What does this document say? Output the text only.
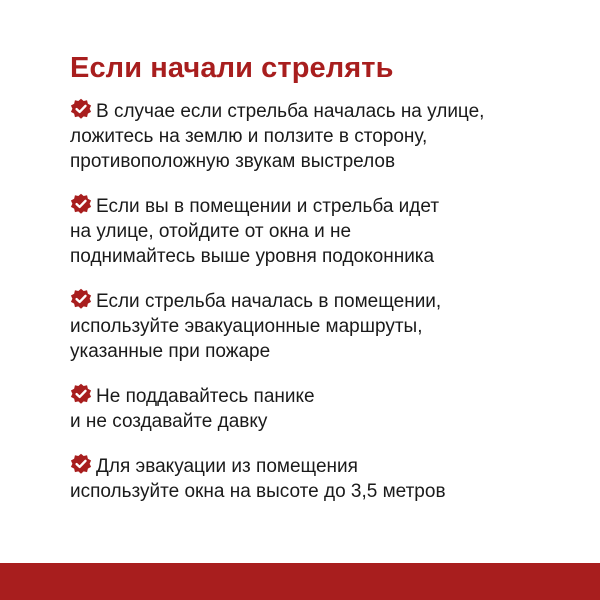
Если начали стрелять
В случае если стрельба началась на улице,
ложитесь на землю и ползите в сторону,
противоположную звукам выстрелов
Если вы в помещении и стрельба идет
на улице, отойдите от окна и не
поднимайтесь выше уровня подоконника
Если стрельба началась в помещении,
используйте эвакуационные маршруты,
указанные при пожаре
Не поддавайтесь панике
и не создавайте давку
Для эвакуации из помещения
используйте окна на высоте до 3,5 метров
